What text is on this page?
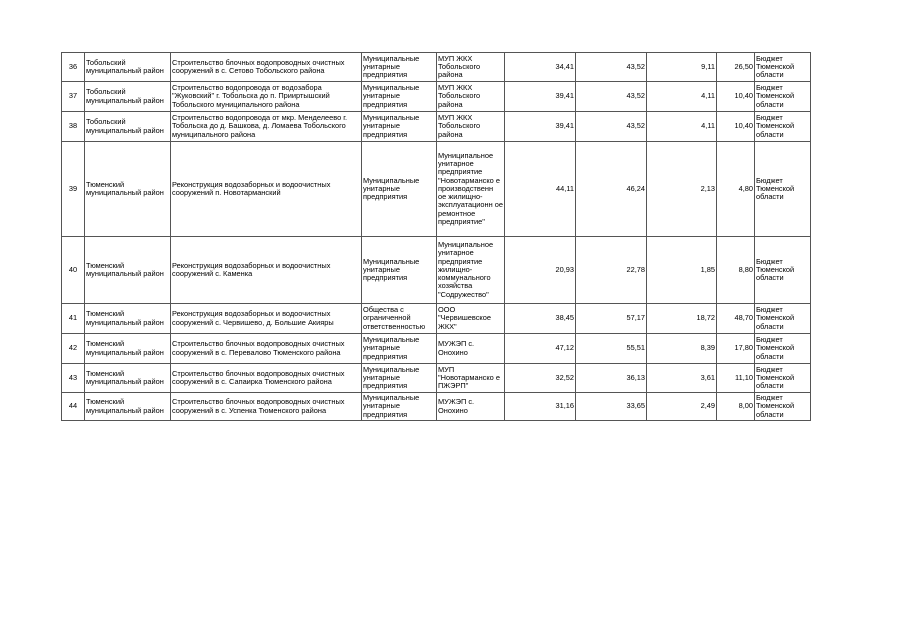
36	Тобольский муниципальный район	Строительство блочных водопроводных очистных сооружений в с. Сетово Тобольского района	Муниципальные унитарные предприятия	МУП ЖКХ Тобольского района	34,41	43,52	9,11	26,50	Бюджет Тюменской области
37	Тобольский муниципальный район	Строительство водопровода от водозабора "Жуковский" г. Тобольска до п. Прииртышский Тобольского муниципального района	Муниципальные унитарные предприятия	МУП ЖКХ Тобольского района	39,41	43,52	4,11	10,40	Бюджет Тюменской области
38	Тобольский муниципальный район	Строительство водопровода от мкр. Менделеево г. Тобольска до д. Башкова, д. Ломаева Тобольского муниципального района	Муниципальные унитарные предприятия	МУП ЖКХ Тобольского района	39,41	43,52	4,11	10,40	Бюджет Тюменской области
39	Тюменский муниципальный район	Реконструкция водозаборных и водоочистных сооружений п. Новотарманский	Муниципальные унитарные предприятия	Муниципальное унитарное предприятие "Новотарманско е производственн ое жилищно-эксплуатационн ое ремонтное предприятие"	44,11	46,24	2,13	4,80	Бюджет Тюменской области
40	Тюменский муниципальный район	Реконструкция водозаборных и водоочистных сооружений с. Каменка	Муниципальные унитарные предприятия	Муниципальное унитарное предприятие жилищно-коммунального хозяйства "Содружество"	20,93	22,78	1,85	8,80	Бюджет Тюменской области
41	Тюменский муниципальный район	Реконструкция водозаборных и водоочистных сооружений с. Червишево, д. Большие Акияры	Общества с ограниченной ответственностью	ООО "Червишевское ЖКХ"	38,45	57,17	18,72	48,70	Бюджет Тюменской области
42	Тюменский муниципальный район	Строительство блочных водопроводных очистных сооружений в с. Перевалово Тюменского района	Муниципальные унитарные предприятия	МУЖЭП с. Онохино	47,12	55,51	8,39	17,80	Бюджет Тюменской области
43	Тюменский муниципальный район	Строительство блочных водопроводных очистных сооружений в с. Сапаирка Тюменского района	Муниципальные унитарные предприятия	МУП "Новотарманско е ПЖЭРП"	32,52	36,13	3,61	11,10	Бюджет Тюменской области
44	Тюменский муниципальный район	Строительство блочных водопроводных очистных сооружений в с. Успенка Тюменского района	Муниципальные унитарные предприятия	МУЖЭП с. Онохино	31,16	33,65	2,49	8,00	Бюджет Тюменской области
